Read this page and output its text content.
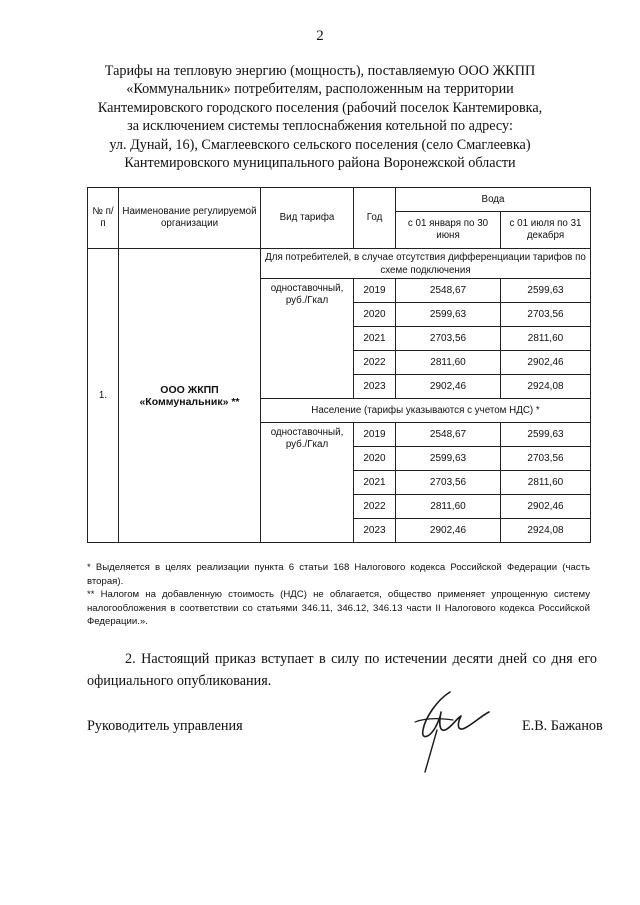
2
Тарифы на тепловую энергию (мощность), поставляемую ООО ЖКПП
«Коммунальник» потребителям, расположенным на территории
Кантемировского городского поселения (рабочий поселок Кантемировка,
за исключением системы теплоснабжения котельной по адресу:
ул. Дунай, 16), Смаглеевского сельского поселения (село Смаглеевка)
Кантемировского муниципального района Воронежской области
№ п/п	Наименование регулируемой организации	Вид тарифа	Год	Вода	
				с 01 января по 30 июня	с 01 июля по 31 декабря
1.	ООО ЖКПП «Коммунальник» **	Для потребителей, в случае отсутствия дифференциации тарифов по схеме подключения			
		одноставочный, руб./Гкал	2019	2548,67	2599,63
			2020	2599,63	2703,56
			2021	2703,56	2811,60
			2022	2811,60	2902,46
			2023	2902,46	2924,08
		Население (тарифы указываются с учетом НДС) *			
		одноставочный, руб./Гкал	2019	2548,67	2599,63
			2020	2599,63	2703,56
			2021	2703,56	2811,60
			2022	2811,60	2902,46
			2023	2902,46	2924,08

* Выделяется в целях реализации пункта 6 статьи 168 Налогового кодекса Российской Федерации (часть вторая).

** Налогом на добавленную стоимость (НДС) не облагается, общество применяет упрощенную систему налогообложения в соответствии со статьями 346.11, 346.12, 346.13 части II Налогового кодекса Российской Федерации.».

2. Настоящий приказ вступает в силу по истечении десяти дней со дня его официального опубликования.
Руководитель управления	Е.В. Бажанов
